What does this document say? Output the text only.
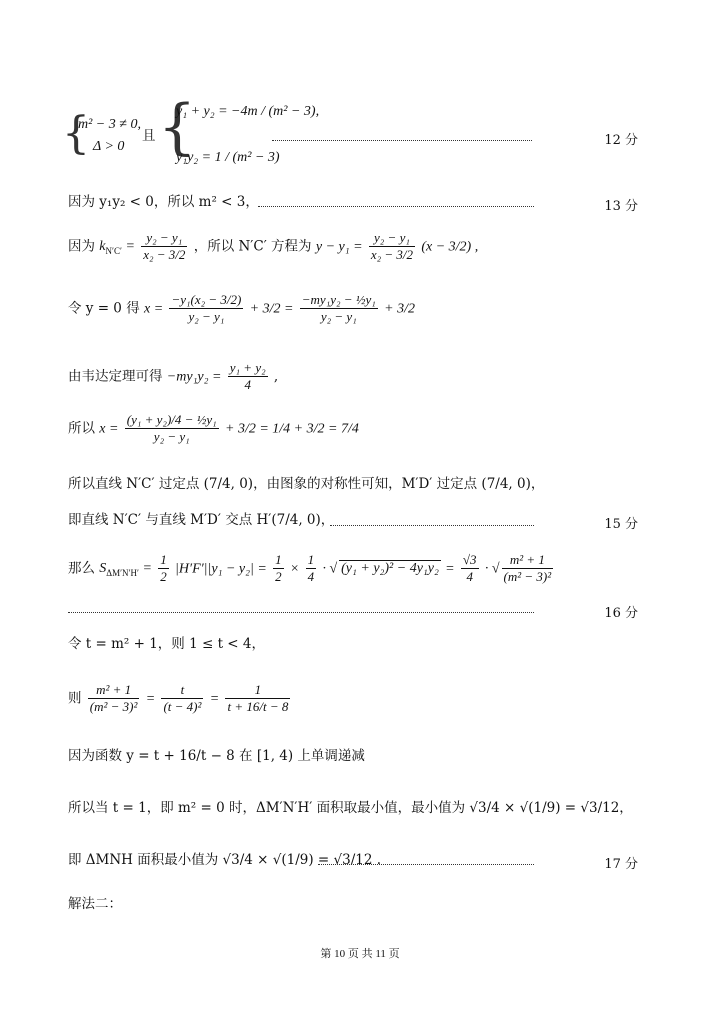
{
m² − 3 ≠ 0,
Δ > 0
且 {
y₁ + y₂ = −4m / (m² − 3),
y₁y₂ = 1 / (m² − 3)
12 分
因为 y₁y₂ < 0，所以 m² < 3，	13 分
因为 $k_{N'C'} = \frac{\text{y₂ − y₁}}{\text{x₂ − 3/2}}$ ，所以 N′C′ 方程为 $y - y_1 = \frac{\text{y₂ − y₁}}{\text{x₂ − 3/2}} (x - 3/2)$ ,
令 y = 0 得 $x = \frac{\text{−y₁(x₂ − 3/2)}}{\text{y₂ − y₁}} + 3/2 = \frac{\text{−my₁y₂ − ½y₁}}{\text{y₂ − y₁}} + 3/2$
由韦达定理可得 $-my_1y_2 = \frac{\text{y₁ + y₂}}{4}$ ,
所以 $x = \frac{\text{(y₁ + y₂)/4 − ½y₁}}{\text{y₂ − y₁}} + 3/2 = 1/4 + 3/2 = 7/4$
所以直线 N′C′ 过定点 (7/4, 0)，由图象的对称性可知，M′D′ 过定点 (7/4, 0)，
即直线 N′C′ 与直线 M′D′ 交点 H′(7/4, 0)，	15 分
那么 $S_{\Delta M'N'H'} = \frac{1}{2} |H'F'||y_1 - y_2| = \frac{1}{2} \times \frac{1}{4}$ · √ $(y_1 + y_2)^2 - 4y_1y_2 = \frac{√3}{4}$ · √ $\frac{\text{m² + 1}}{\text{(m² − 3)²}}$
16 分
令 t = m² + 1，则 1 ≤ t < 4，
则 $\frac{\text{m² + 1}}{\text{(m² − 3)²}} = \frac{t}{\text{(t − 4)²}} = \frac{1}{t + 16/t - 8}$
因为函数 y = t + 16/t − 8 在 [1, 4) 上单调递减
所以当 t = 1，即 m² = 0 时，ΔM′N′H′ 面积取最小值，最小值为 √3/4 × √(1/9) = √3/12，
即 ΔMNH 面积最小值为 √3/4 × √(1/9) = √3/12 .	17 分
解法二：
第 10 页 共 11 页
